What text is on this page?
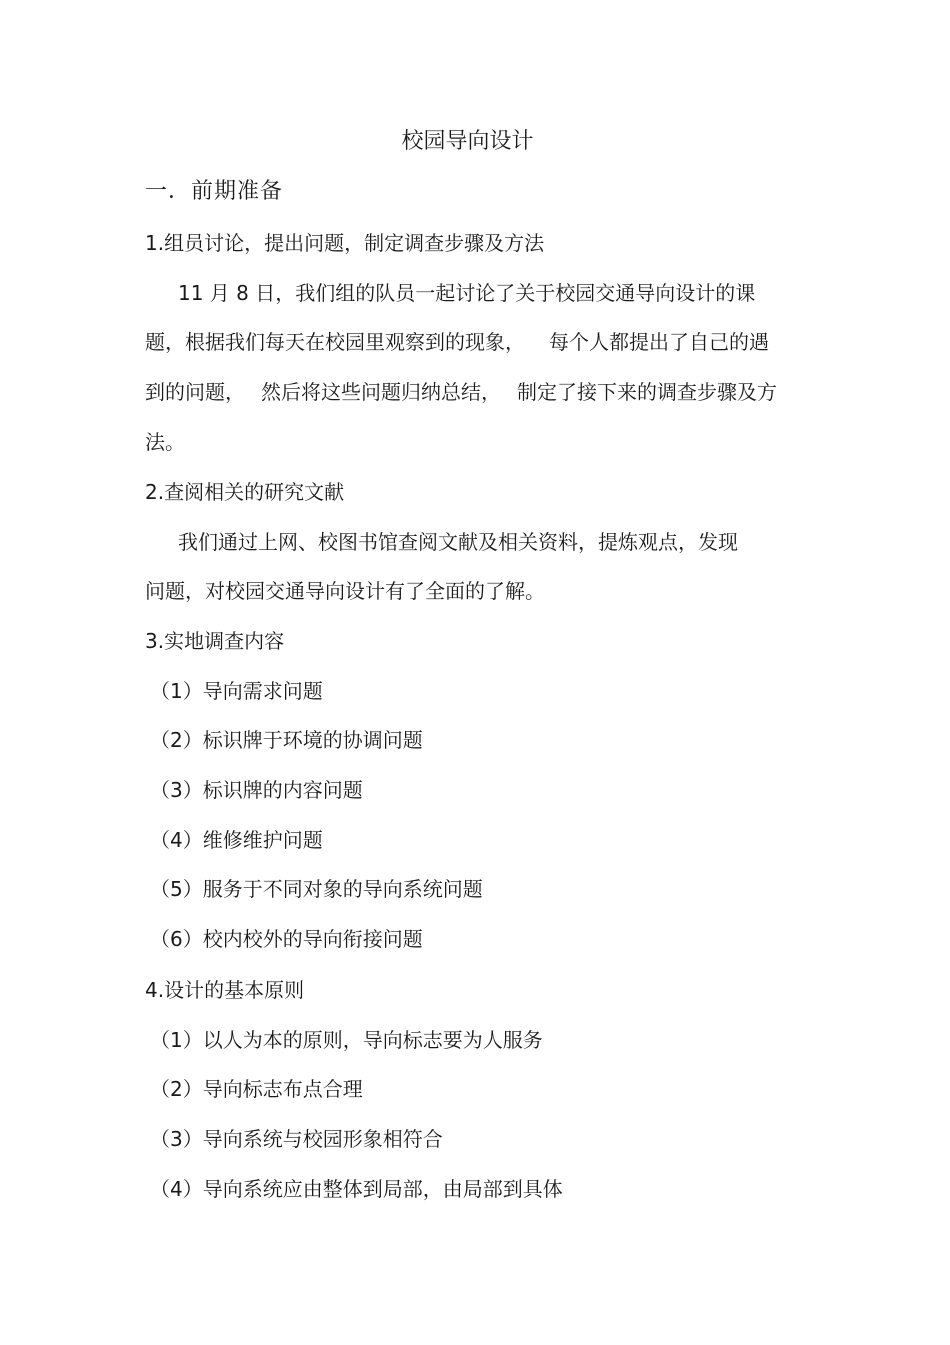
校园导向设计
一．前期准备
1.组员讨论，提出问题，制定调查步骤及方法
11 月 8 日，我们组的队员一起讨论了关于校园交通导向设计的课
题，根据我们每天在校园里观察到的现象， 每个人都提出了自己的遇
到的问题， 然后将这些问题归纳总结， 制定了接下来的调查步骤及方
法。
2.查阅相关的研究文献
我们通过上网、校图书馆查阅文献及相关资料，提炼观点，发现
问题，对校园交通导向设计有了全面的了解。
3.实地调查内容
（1）导向需求问题
（2）标识牌于环境的协调问题
（3）标识牌的内容问题
（4）维修维护问题
（5）服务于不同对象的导向系统问题
（6）校内校外的导向衔接问题
4.设计的基本原则
（1）以人为本的原则，导向标志要为人服务
（2）导向标志布点合理
（3）导向系统与校园形象相符合
（4）导向系统应由整体到局部，由局部到具体
